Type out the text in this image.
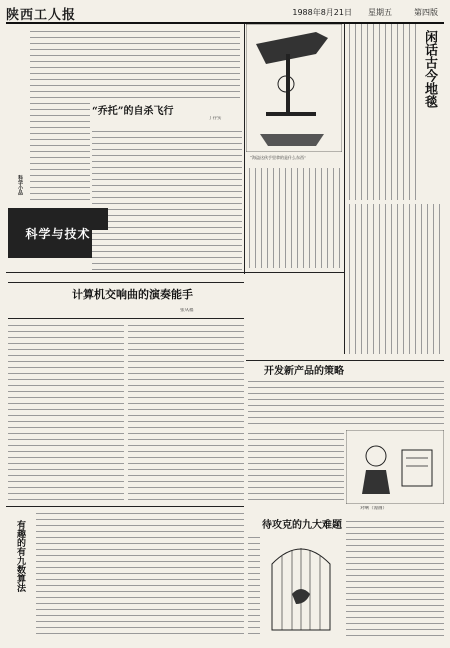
陕西工人报	1988年8月21日 星期五	第四版
科学小品
“乔托”的自杀飞行
丁存实
科学与技术
“海盗这伙手里拿的是什么东西”
闲话古今地毯
计算机交响曲的演奏能手
张从福
开发新产品的策略
对啊（漫画）
待攻克的九大难题
有趣的有九数算法
